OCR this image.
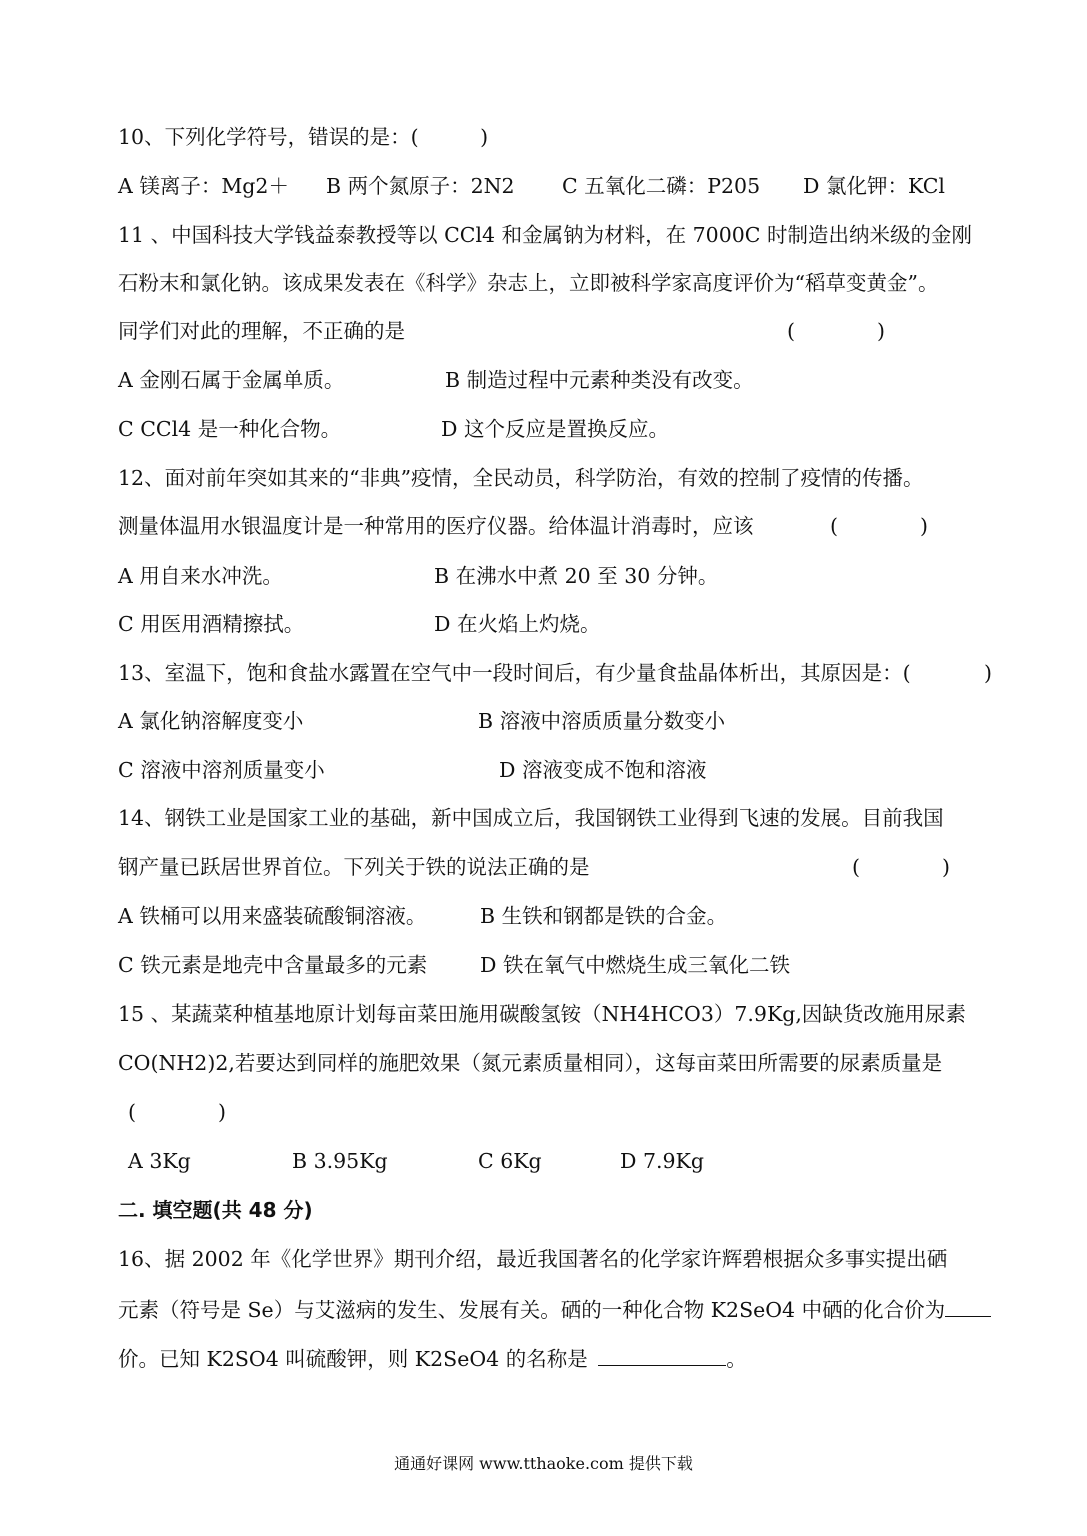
10、下列化学符号，错误的是：(　　　)
A 镁离子：Mg2＋ B 两个氮原子：2N2 C 五氧化二磷：P205 D 氯化钾：KCl
11 、中国科技大学钱益泰教授等以 CCl4 和金属钠为材料，在 7000C 时制造出纳米级的金刚
石粉末和氯化钠。该成果发表在《科学》杂志上，立即被科学家高度评价为“稻草变黄金”。
同学们对此的理解，不正确的是	(　　　　)
A 金刚石属于金属单质。	B 制造过程中元素种类没有改变。
C CCl4 是一种化合物。	D 这个反应是置换反应。
12、面对前年突如其来的“非典”疫情，全民动员，科学防治，有效的控制了疫情的传播。
测量体温用水银温度计是一种常用的医疗仪器。给体温计消毒时，应该	(　　　　)
A 用自来水冲洗。	B 在沸水中煮 20 至 30 分钟。
C 用医用酒精擦拭。	D 在火焰上灼烧。
13、室温下，饱和食盐水露置在空气中一段时间后，有少量食盐晶体析出，其原因是：(	)
A 氯化钠溶解度变小	B 溶液中溶质质量分数变小
C 溶液中溶剂质量变小	D 溶液变成不饱和溶液
14、钢铁工业是国家工业的基础，新中国成立后，我国钢铁工业得到飞速的发展。目前我国
钢产量已跃居世界首位。下列关于铁的说法正确的是	(　　　　)
A 铁桶可以用来盛装硫酸铜溶液。	B 生铁和钢都是铁的合金。
C 铁元素是地壳中含量最多的元素	D 铁在氧气中燃烧生成三氧化二铁
15 、某蔬菜种植基地原计划每亩菜田施用碳酸氢铵（NH4HCO3）7.9Kg,因缺货改施用尿素
CO(NH2)2,若要达到同样的施肥效果（氮元素质量相同），这每亩菜田所需要的尿素质量是
(　　　　)
A 3Kg	B 3.95Kg	C 6Kg	D 7.9Kg
二. 填空题(共 48 分)
16、据 2002 年《化学世界》期刊介绍，最近我国著名的化学家许辉碧根据众多事实提出硒
元素（符号是 Se）与艾滋病的发生、发展有关。硒的一种化合物 K2SeO4 中硒的化合价为
价。已知 K2SO4 叫硫酸钾，则 K2SeO4 的名称是	。
通通好课网 www.tthaoke.com 提供下载
